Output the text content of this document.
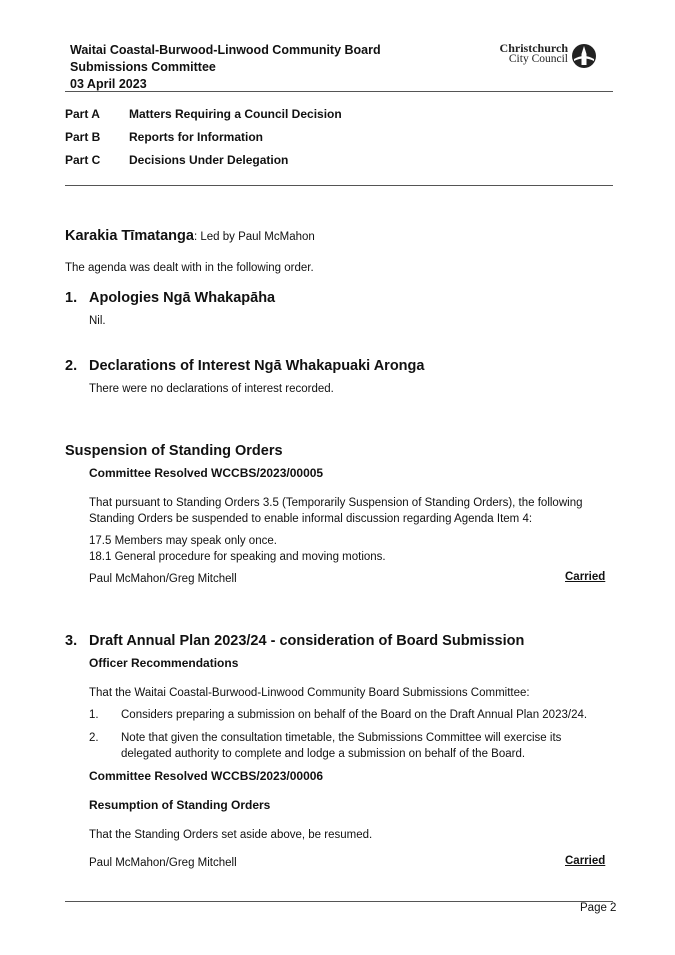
Waitai Coastal-Burwood-Linwood Community Board
Submissions Committee
03 April 2023
Christchurch
City Council
Part A Matters Requiring a Council Decision
Part B Reports for Information
Part C Decisions Under Delegation
Karakia Tīmatanga: Led by Paul McMahon
The agenda was dealt with in the following order.
1. Apologies Ngā Whakapāha
Nil.
2. Declarations of Interest Ngā Whakapuaki Aronga
There were no declarations of interest recorded.
Suspension of Standing Orders
Committee Resolved WCCBS/2023/00005
That pursuant to Standing Orders 3.5 (Temporarily Suspension of Standing Orders), the following
Standing Orders be suspended to enable informal discussion regarding Agenda Item 4:
17.5 Members may speak only once.
18.1 General procedure for speaking and moving motions.
Paul McMahon/Greg Mitchell	Carried
3. Draft Annual Plan 2023/24 - consideration of Board Submission
Officer Recommendations
That the Waitai Coastal-Burwood-Linwood Community Board Submissions Committee:
1. Considers preparing a submission on behalf of the Board on the Draft Annual Plan 2023/24.
2. Note that given the consultation timetable, the Submissions Committee will exercise its
delegated authority to complete and lodge a submission on behalf of the Board.
Committee Resolved WCCBS/2023/00006
Resumption of Standing Orders
That the Standing Orders set aside above, be resumed.
Paul McMahon/Greg Mitchell	Carried
Page 2
